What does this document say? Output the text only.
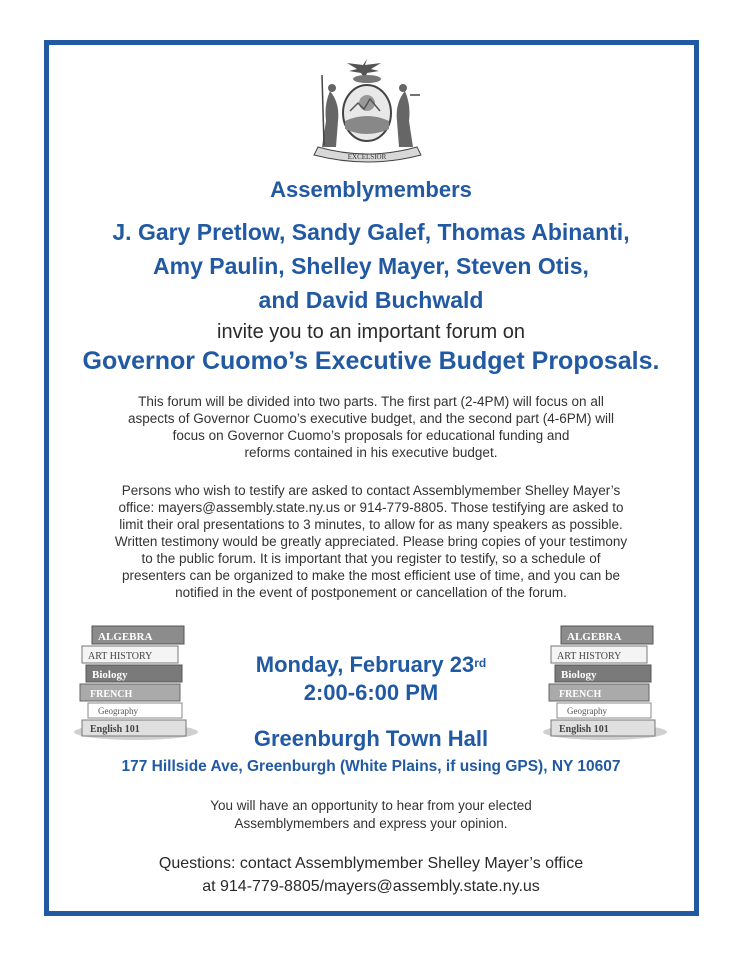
EXCELSIOR
Assemblymembers
J. Gary Pretlow, Sandy Galef, Thomas Abinanti,
Amy Paulin, Shelley Mayer, Steven Otis,
and David Buchwald
invite you to an important forum on
Governor Cuomo’s Executive Budget Proposals.
This forum will be divided into two parts. The first part (2-4PM) will focus on all
aspects of Governor Cuomo’s executive budget, and the second part (4-6PM) will
focus on Governor Cuomo’s proposals for educational funding and
reforms contained in his executive budget.
Persons who wish to testify are asked to contact Assemblymember Shelley Mayer’s
office: mayers@assembly.state.ny.us or 914-779-8805. Those testifying are asked to
limit their oral presentations to 3 minutes, to allow for as many speakers as possible.
Written testimony would be greatly appreciated. Please bring copies of your testimony
to the public forum. It is important that you register to testify, so a schedule of
presenters can be organized to make the most efficient use of time, and you can be
notified in the event of postponement or cancellation of the forum.
ALGEBRA
ART HISTORY
Biology
FRENCH
Geography
English 101
ALGEBRA
ART HISTORY
Biology
FRENCH
Geography
English 101
Monday, February 23rd
2:00-6:00 PM
Greenburgh Town Hall
177 Hillside Ave, Greenburgh (White Plains, if using GPS), NY 10607
You will have an opportunity to hear from your elected
Assemblymembers and express your opinion.
Questions: contact Assemblymember Shelley Mayer’s office
at 914-779-8805/mayers@assembly.state.ny.us
